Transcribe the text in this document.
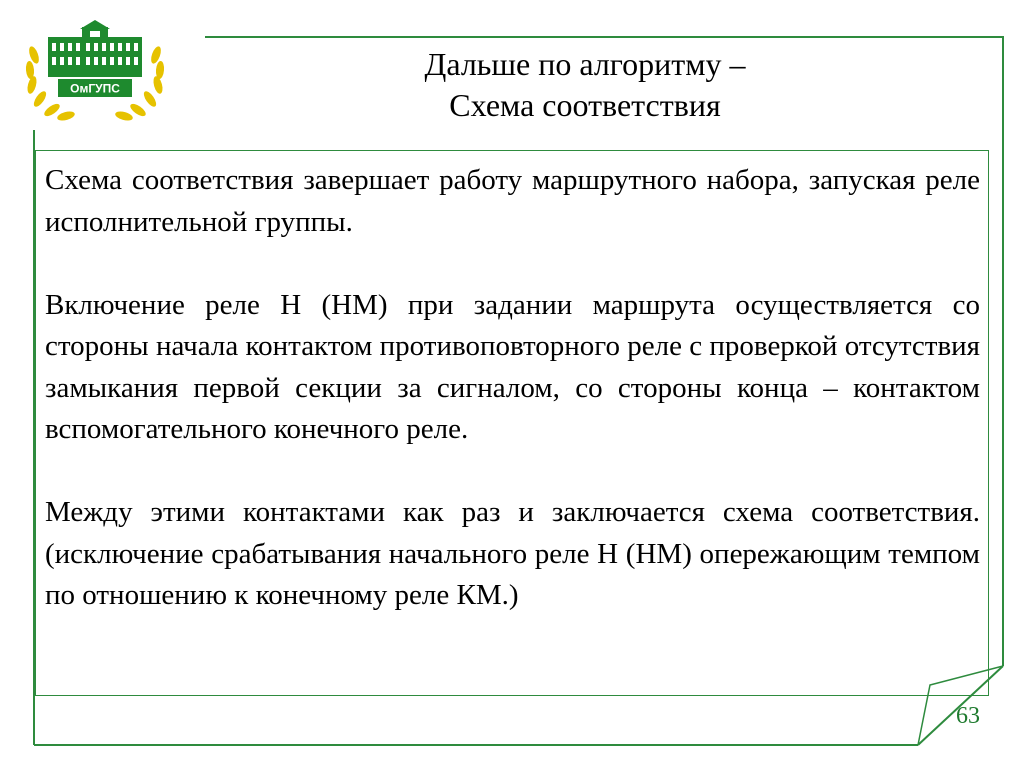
ОмГУПС
Дальше по алгоритму –
Схема соответствия

Схема соответствия завершает работу маршрутного набора, запуская реле исполнительной группы.

Включение реле Н (НМ) при задании маршрута осуществляется со стороны начала контактом противоповторного реле с проверкой отсутствия замыкания первой секции за сигналом, со стороны конца – контактом вспомогательного конечного реле.

Между этими контактами как раз и заключается схема соответствия. (исключение срабатывания начального реле Н (НМ) опережающим темпом по отношению к конечному реле КМ.)

63
